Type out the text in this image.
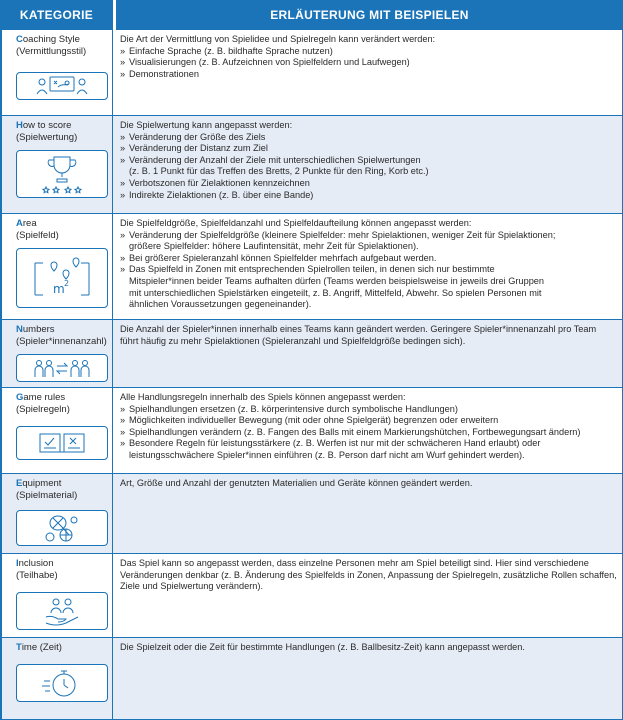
KATEGORIE	ERLÄUTERUNG MIT BEISPIELEN
Coaching Style
(Vermittlungsstil)
Die Art der Vermittlung von Spielidee und Spielregeln kann verändert werden:
» Einfache Sprache (z. B. bildhafte Sprache nutzen)
» Visualisierungen (z. B. Aufzeichnen von Spielfeldern und Laufwegen)
» Demonstrationen
How to score
(Spielwertung)
Die Spielwertung kann angepasst werden:
» Veränderung der Größe des Ziels
» Veränderung der Distanz zum Ziel
» Veränderung der Anzahl der Ziele mit unterschiedlichen Spielwertungen
(z. B. 1 Punkt für das Treffen des Bretts, 2 Punkte für den Ring, Korb etc.)
» Verbotszonen für Zielaktionen kennzeichnen
» Indirekte Zielaktionen (z. B. über eine Bande)
Area
(Spielfeld)
m 2
Die Spielfeldgröße, Spielfeldanzahl und Spielfeldaufteilung können angepasst werden:
» Veränderung der Spielfeldgröße (kleinere Spielfelder: mehr Spielaktionen, weniger Zeit für Spielaktionen;
größere Spielfelder: höhere Laufintensität, mehr Zeit für Spielaktionen).
» Bei größerer Spieleranzahl können Spielfelder mehrfach aufgebaut werden.
» Das Spielfeld in Zonen mit entsprechenden Spielrollen teilen, in denen sich nur bestimmte
Mitspieler*innen beider Teams aufhalten dürfen (Teams werden beispielsweise in jeweils drei Gruppen
mit unterschiedlichen Spielstärken eingeteilt, z. B. Angriff, Mittelfeld, Abwehr. So spielen Personen mit
ähnlichen Voraussetzungen gegeneinander).
Numbers
(Spieler*innenanzahl)
Die Anzahl der Spieler*innen innerhalb eines Teams kann geändert werden. Geringere Spieler*innenanzahl pro Team führt häufig zu mehr Spielaktionen (Spieleranzahl und Spielfeldgröße bedingen sich).
Game rules
(Spielregeln)
Alle Handlungsregeln innerhalb des Spiels können angepasst werden:
» Spielhandlungen ersetzen (z. B. körperintensive durch symbolische Handlungen)
» Möglichkeiten individueller Bewegung (mit oder ohne Spielgerät) begrenzen oder erweitern
» Spielhandlungen verändern (z. B. Fangen des Balls mit einem Markierungshütchen, Fortbewegungsart ändern)
» Besondere Regeln für leistungsstärkere (z. B. Werfen ist nur mit der schwächeren Hand erlaubt) oder
leistungsschwächere Spieler*innen einführen (z. B. Person darf nicht am Wurf gehindert werden).
Equipment
(Spielmaterial)
Art, Größe und Anzahl der genutzten Materialien und Geräte können geändert werden.
Inclusion
(Teilhabe)
Das Spiel kann so angepasst werden, dass einzelne Personen mehr am Spiel beteiligt sind. Hier sind verschiedene Veränderungen denkbar (z. B. Änderung des Spielfelds in Zonen, Anpassung der Spielregeln, zusätzliche Rollen schaffen, Ziele und Spielwertung verändern).
Time (Zeit)	Die Spielzeit oder die Zeit für bestimmte Handlungen (z. B. Ballbesitz-Zeit) kann angepasst werden.
